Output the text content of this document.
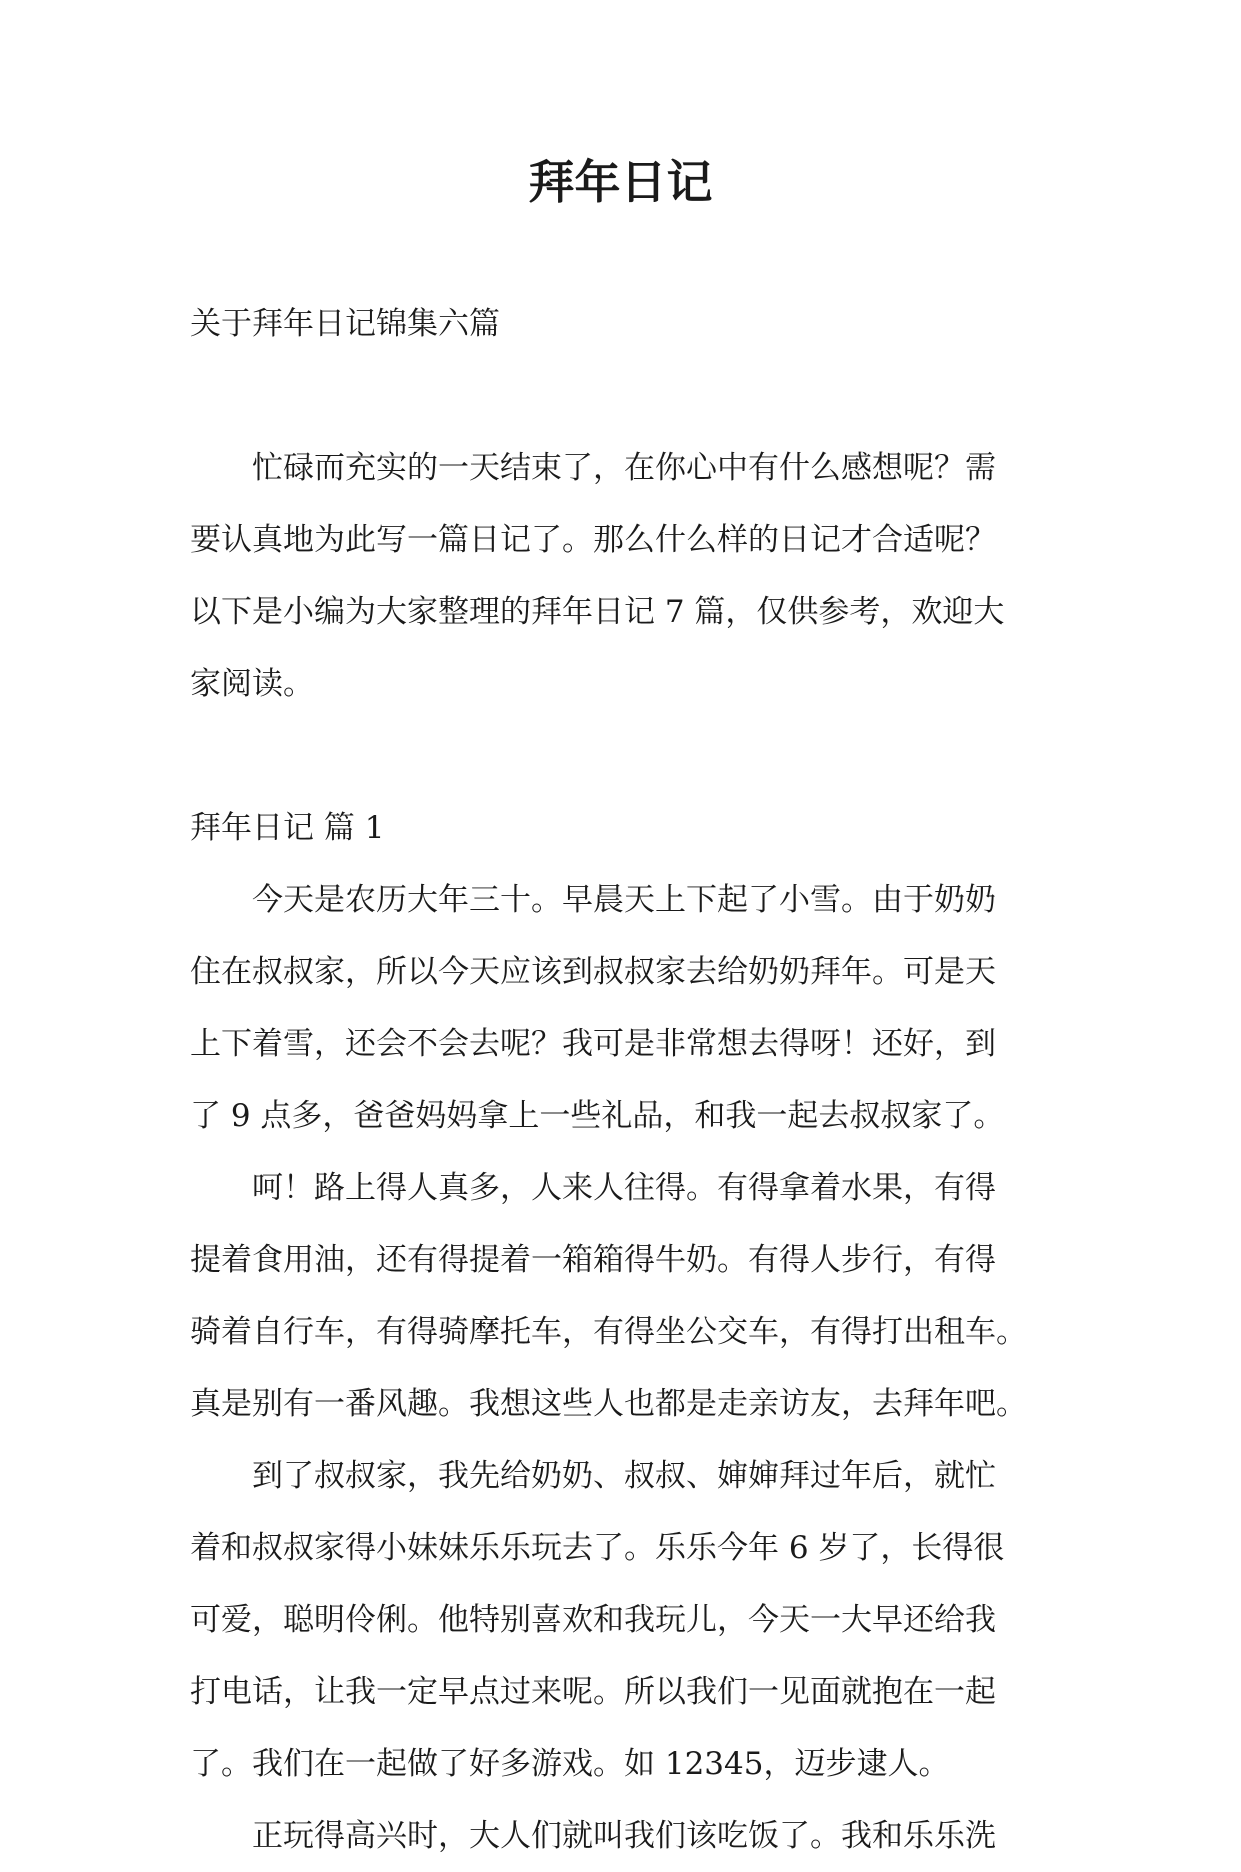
拜年日记

关于拜年日记锦集六篇

忙碌而充实的一天结束了，在你心中有什么感想呢？需

要认真地为此写一篇日记了。那么什么样的日记才合适呢？

以下是小编为大家整理的拜年日记 7 篇，仅供参考，欢迎大

家阅读。

拜年日记 篇 1

今天是农历大年三十。早晨天上下起了小雪。由于奶奶

住在叔叔家，所以今天应该到叔叔家去给奶奶拜年。可是天

上下着雪，还会不会去呢？我可是非常想去得呀！还好，到

了 9 点多，爸爸妈妈拿上一些礼品，和我一起去叔叔家了。

呵！路上得人真多，人来人往得。有得拿着水果，有得

提着食用油，还有得提着一箱箱得牛奶。有得人步行，有得

骑着自行车，有得骑摩托车，有得坐公交车，有得打出租车。

真是别有一番风趣。我想这些人也都是走亲访友，去拜年吧。

到了叔叔家，我先给奶奶、叔叔、婶婶拜过年后，就忙

着和叔叔家得小妹妹乐乐玩去了。乐乐今年 6 岁了，长得很

可爱，聪明伶俐。他特别喜欢和我玩儿，今天一大早还给我

打电话，让我一定早点过来呢。所以我们一见面就抱在一起

了。我们在一起做了好多游戏。如 12345，迈步逮人。

正玩得高兴时，大人们就叫我们该吃饭了。我和乐乐洗
